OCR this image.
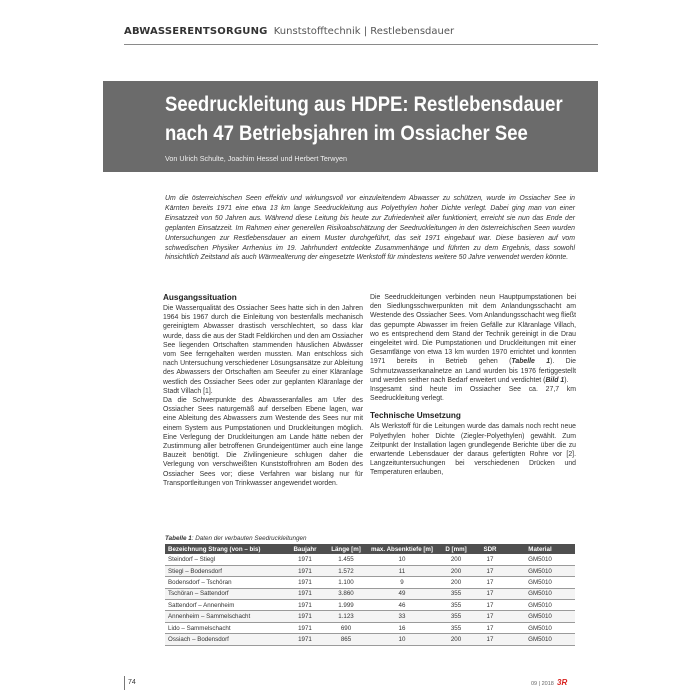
ABWASSERENTSORGUNG Kunststofftechnik | Restlebensdauer
Seedruckleitung aus HDPE: Restlebensdauer
nach 47 Betriebsjahren im Ossiacher See
Von Ulrich Schulte, Joachim Hessel und Herbert Terwyen

Um die österreichischen Seen effektiv und wirkungsvoll vor einzuleitendem Abwasser zu schützen, wurde im Ossiacher See in Kärnten bereits 1971 eine etwa 13 km lange Seedruckleitung aus Polyethylen hoher Dichte verlegt. Dabei ging man von einer Einsatzzeit von 50 Jahren aus. Während diese Leitung bis heute zur Zufriedenheit aller funktioniert, erreicht sie nun das Ende der geplanten Einsatzzeit. Im Rahmen einer generellen Risikoabschätzung der Seedruckleitungen in den österreichischen Seen wurden Untersuchungen zur Restlebensdauer an einem Muster durchgeführt, das seit 1971 eingebaut war. Diese basieren auf vom schwedischen Physiker Arrhenius im 19. Jahrhundert entdeckte Zusammenhänge und führten zu dem Ergebnis, dass sowohl hinsichtlich Zeitstand als auch Wärmealterung der eingesetzte Werkstoff für mindestens weitere 50 Jahre verwendet werden könnte.

Ausgangssituation

Die Wasserqualität des Ossiacher Sees hatte sich in den Jahren 1964 bis 1967 durch die Einleitung von bestenfalls mechanisch gereinigtem Abwasser drastisch verschlechtert, so dass klar wurde, dass die aus der Stadt Feldkirchen und den am Ossiacher See liegenden Ortschaften stammenden häuslichen Abwässer vom See ferngehalten werden mussten. Man entschloss sich nach Untersuchung verschiedener Lösungsansätze zur Ableitung des Abwassers der Ortschaften am Seeufer zu einer Kläranlage westlich des Ossiacher Sees oder zur geplanten Kläranlage der Stadt Villach [1].

Da die Schwerpunkte des Abwasseranfalles am Ufer des Ossiacher Sees naturgemäß auf derselben Ebene lagen, war eine Ableitung des Abwassers zum Westende des Sees nur mit einem System aus Pumpstationen und Druckleitungen möglich. Eine Verlegung der Druckleitungen am Lande hätte neben der Zustimmung aller betroffenen Grundeigentümer auch eine lange Bauzeit benötigt. Die Zivilingenieure schlugen daher die Verlegung von verschweißten Kunststoffrohren am Boden des Ossiacher Sees vor; diese Verfahren war bislang nur für Transportleitungen von Trinkwasser angewendet worden.

Die Seedruckleitungen verbinden neun Hauptpumpstationen bei den Siedlungsschwerpunkten mit dem Anlandungsschacht am Westende des Ossiacher Sees. Vom Anlandungsschacht weg fließt das gepumpte Abwasser im freien Gefälle zur Kläranlage Villach, wo es entsprechend dem Stand der Technik gereinigt in die Drau eingeleitet wird. Die Pumpstationen und Druckleitungen mit einer Gesamtlänge von etwa 13 km wurden 1970 errichtet und konnten 1971 bereits in Betrieb gehen (Tabelle 1). Die Schmutzwasserkanalnetze an Land wurden bis 1976 fertiggestellt und werden seither nach Bedarf erweitert und verdichtet (Bild 1).

Insgesamt sind heute im Ossiacher See ca. 27,7 km Seedruckleitung verlegt.

Technische Umsetzung

Als Werkstoff für die Leitungen wurde das damals noch recht neue Polyethylen hoher Dichte (Ziegler-Polyethylen) gewählt. Zum Zeitpunkt der Installation lagen grundlegende Berichte über die zu erwartende Lebensdauer der daraus gefertigten Rohre vor [2]. Langzeituntersuchungen bei verschiedenen Drücken und Temperaturen erlauben,

Tabelle 1: Daten der verbauten Seedruckleitungen
Bezeichnung Strang (von – bis)	Baujahr	Länge [m]	max. Absenktiefe [m]	D [mm]	SDR	Material
Steindorf – Stiegl	1971	1.455	10	200	17	GM5010
Stiegl – Bodensdorf	1971	1.572	11	200	17	GM5010
Bodensdorf – Tschöran	1971	1.100	9	200	17	GM5010
Tschöran – Sattendorf	1971	3.860	49	355	17	GM5010
Sattendorf – Annenheim	1971	1.999	46	355	17	GM5010
Annenheim – Sammelschacht	1971	1.123	33	355	17	GM5010
Lido – Sammelschacht	1971	690	16	355	17	GM5010
Ossiach – Bodensdorf	1971	865	10	200	17	GM5010
74	09 | 2018 3R
